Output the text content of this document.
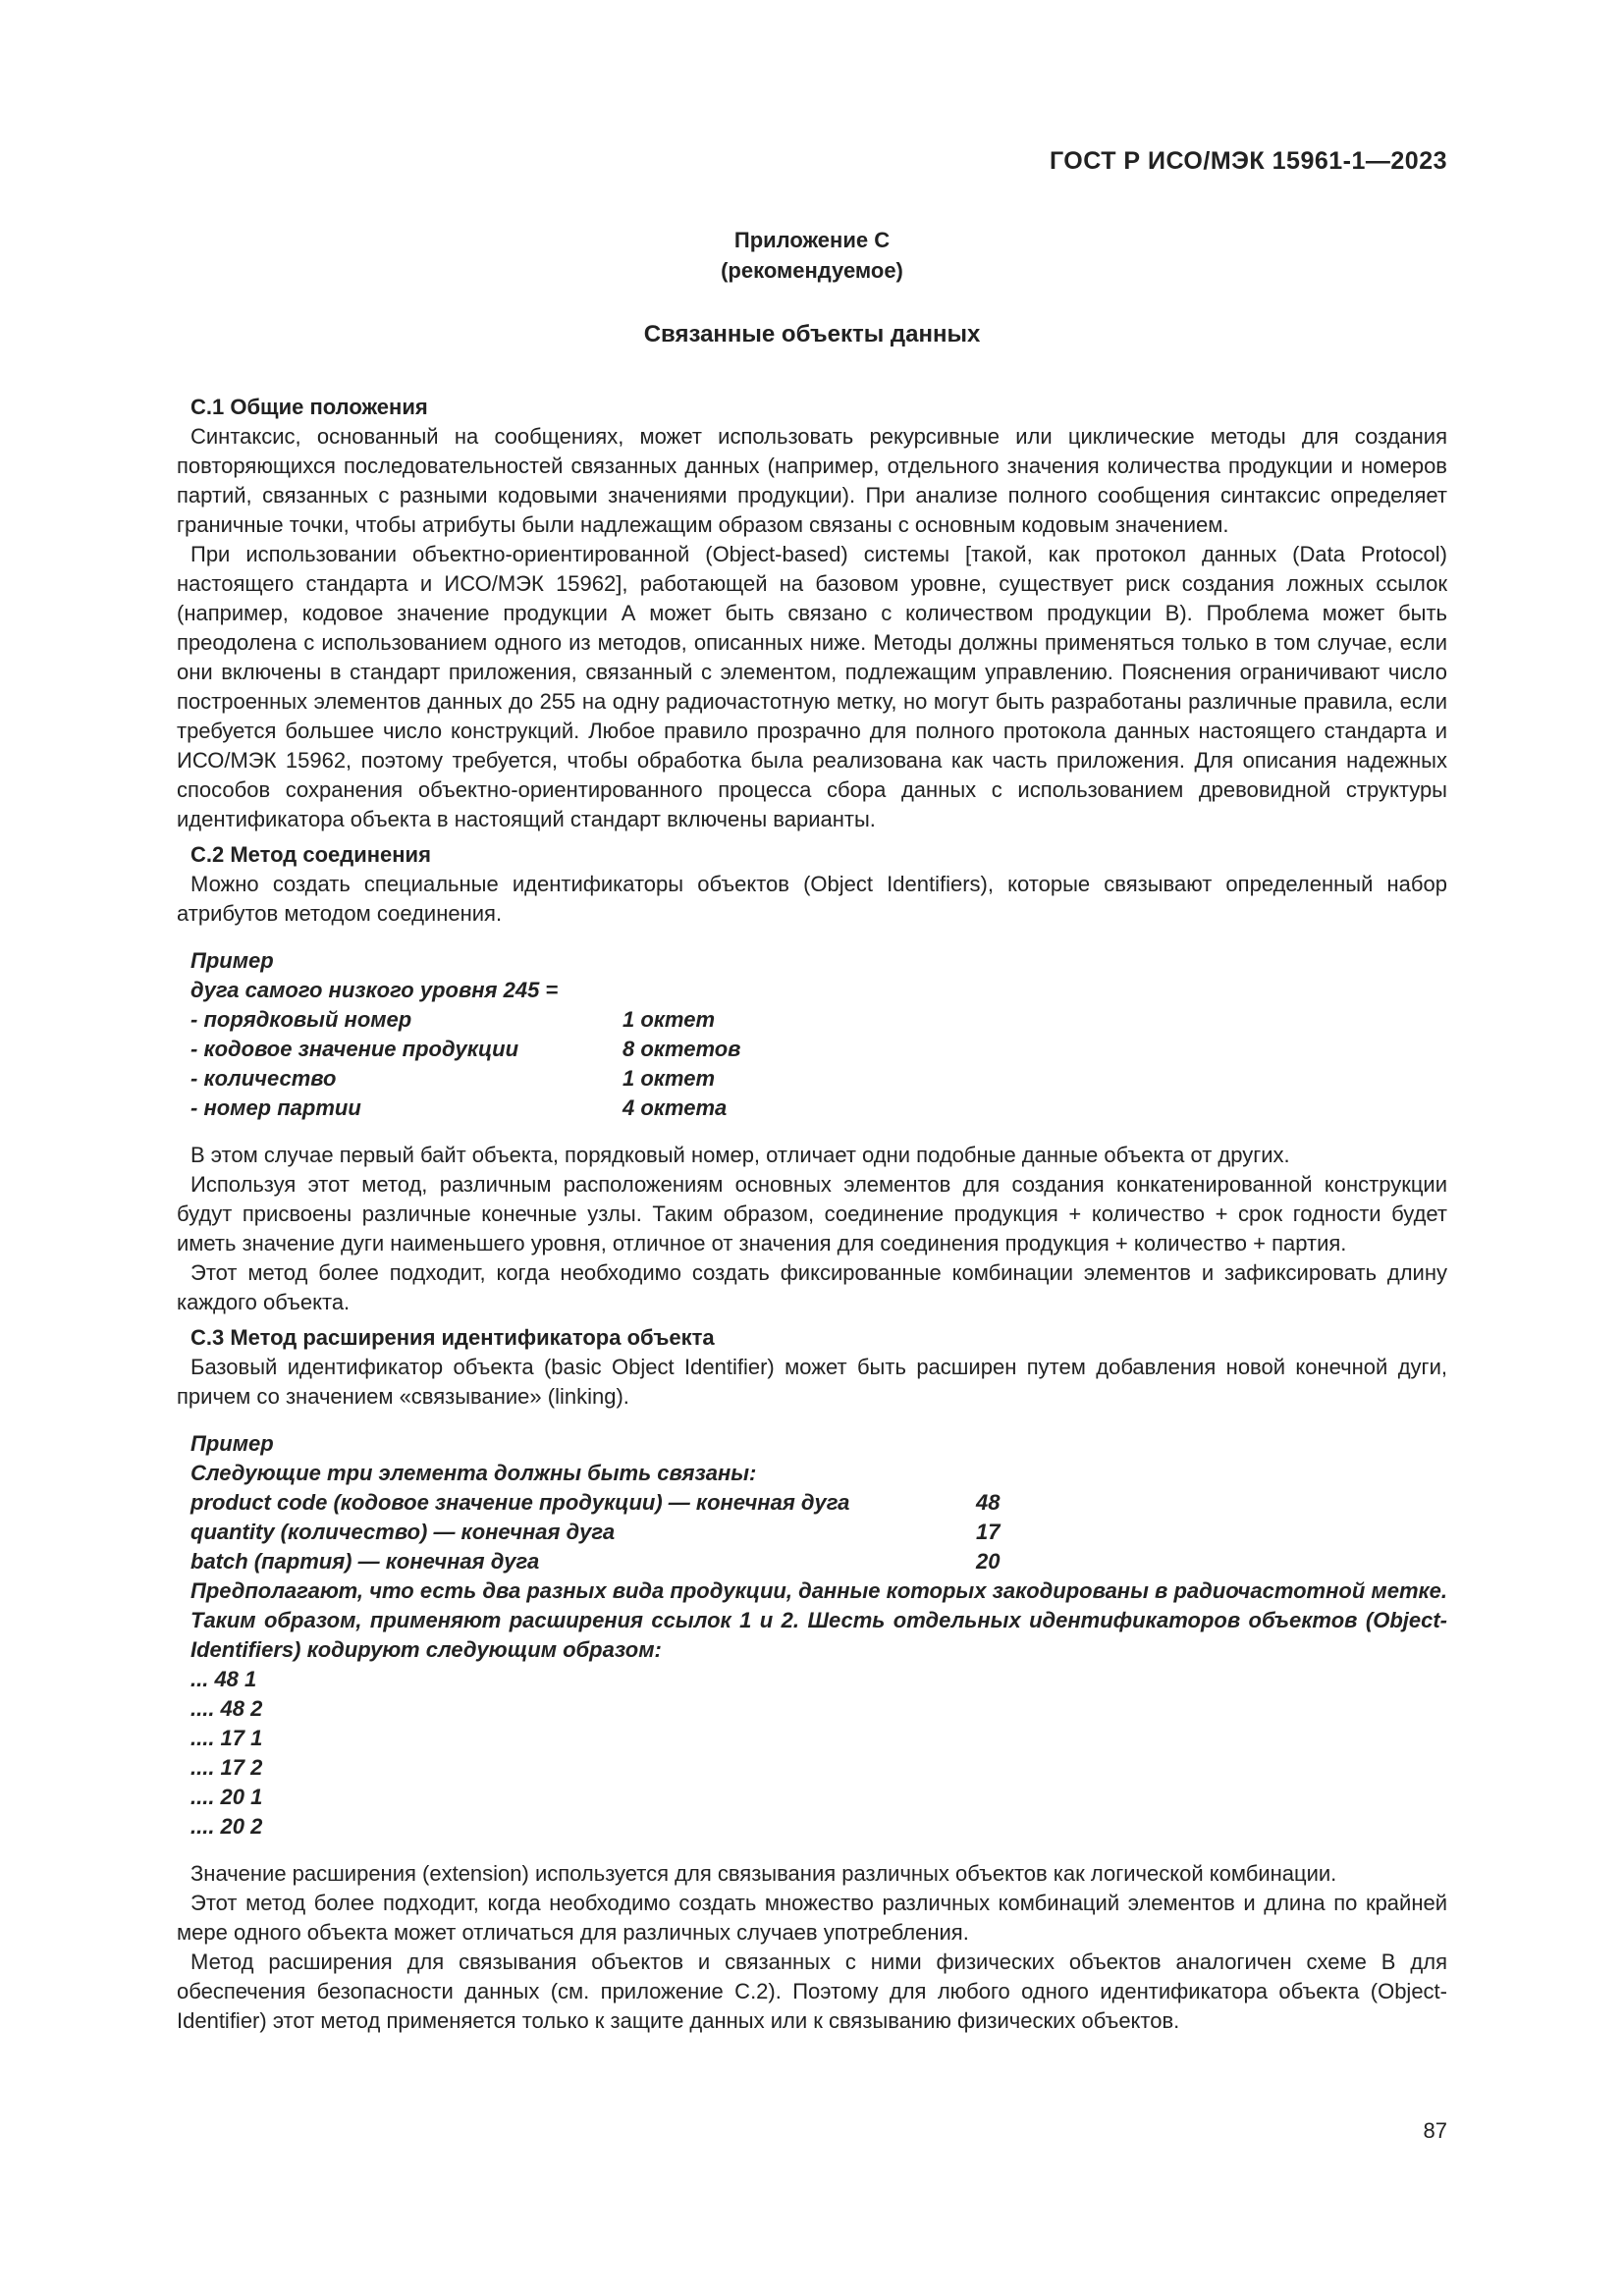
ГОСТ Р ИСО/МЭК 15961-1—2023
Приложение С
(рекомендуемое)
Связанные объекты данных
С.1 Общие положения

Синтаксис, основанный на сообщениях, может использовать рекурсивные или циклические методы для создания повторяющихся последовательностей связанных данных (например, отдельного значения количества продукции и номеров партий, связанных с разными кодовыми значениями продукции). При анализе полного сообщения синтаксис определяет граничные точки, чтобы атрибуты были надлежащим образом связаны с основным кодовым значением.

При использовании объектно-ориентированной (Object-based) системы [такой, как протокол данных (Data Protocol) настоящего стандарта и ИСО/МЭК 15962], работающей на базовом уровне, существует риск создания ложных ссылок (например, кодовое значение продукции А может быть связано с количеством продукции В). Проблема может быть преодолена с использованием одного из методов, описанных ниже. Методы должны применяться только в том случае, если они включены в стандарт приложения, связанный с элементом, подлежащим управлению. Пояснения ограничивают число построенных элементов данных до 255 на одну радиочастотную метку, но могут быть разработаны различные правила, если требуется большее число конструкций. Любое правило прозрачно для полного протокола данных настоящего стандарта и ИСО/МЭК 15962, поэтому требуется, чтобы обработка была реализована как часть приложения. Для описания надежных способов сохранения объектно-ориентированного процесса сбора данных с использованием древовидной структуры идентификатора объекта в настоящий стандарт включены варианты.

С.2 Метод соединения

Можно создать специальные идентификаторы объектов (Object Identifiers), которые связывают определенный набор атрибутов методом соединения.

Пример
дуга самого низкого уровня 245 =
- порядковый номер	1 октет
- кодовое значение продукции	8 октетов
- количество	1 октет
- номер партии	4 октета

В этом случае первый байт объекта, порядковый номер, отличает одни подобные данные объекта от других.

Используя этот метод, различным расположениям основных элементов для создания конкатенированной конструкции будут присвоены различные конечные узлы. Таким образом, соединение продукция + количество + срок годности будет иметь значение дуги наименьшего уровня, отличное от значения для соединения продукция + количество + партия.

Этот метод более подходит, когда необходимо создать фиксированные комбинации элементов и зафиксировать длину каждого объекта.

С.3 Метод расширения идентификатора объекта

Базовый идентификатор объекта (basic Object Identifier) может быть расширен путем добавления новой конечной дуги, причем со значением «связывание» (linking).

Пример
Следующие три элемента должны быть связаны:
product code (кодовое значение продукции) — конечная дуга	48
quantity (количество) — конечная дуга	17
batch (партия) — конечная дуга	20
Предполагают, что есть два разных вида продукции, данные которых закодированы в радиочастотной метке. Таким образом, применяют расширения ссылок 1 и 2. Шесть отдельных идентификаторов объектов (Object-Identifiers) кодируют следующим образом:
... 48 1
.... 48 2
.... 17 1
.... 17 2
.... 20 1
.... 20 2

Значение расширения (extension) используется для связывания различных объектов как логической комбинации.

Этот метод более подходит, когда необходимо создать множество различных комбинаций элементов и длина по крайней мере одного объекта может отличаться для различных случаев употребления.

Метод расширения для связывания объектов и связанных с ними физических объектов аналогичен схеме В для обеспечения безопасности данных (см. приложение С.2). Поэтому для любого одного идентификатора объекта (Object-Identifier) этот метод применяется только к защите данных или к связыванию физических объектов.

87
